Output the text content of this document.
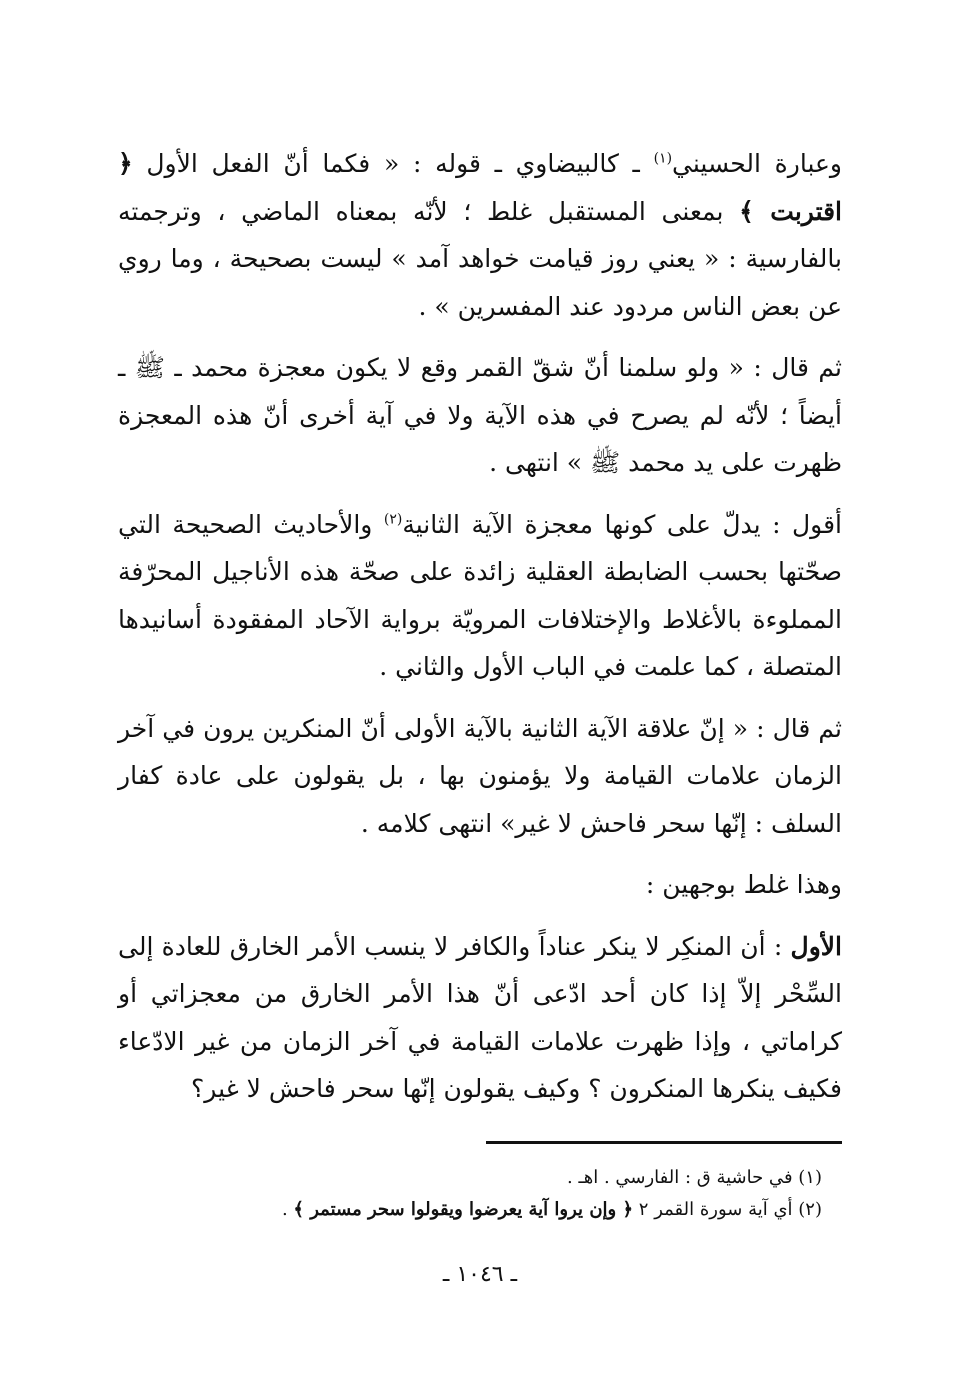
وعبارة الحسيني$^{(١)}$ ـ كالبيضاوي ـ قوله : « فكما أنّ الفعل الأول ﴿ اقتربت ﴾ بمعنى المستقبل غلط ؛ لأنّه بمعناه الماضي ، وترجمته بالفارسية : « يعني روز قيامت خواهد آمد » ليست بصحيحة ، وما روي عن بعض الناس مردود عند المفسرين » .

ثم قال : « ولو سلمنا أنّ شقّ القمر وقع لا يكون معجزة محمد ـ ﷺ ـ أيضاً ؛ لأنّه لم يصرح في هذه الآية ولا في آية أخرى أنّ هذه المعجزة ظهرت على يد محمد ﷺ » انتهى .

أقول : يدلّ على كونها معجزة الآية الثانية$^{(٢)}$ والأحاديث الصحيحة التي صحّتها بحسب الضابطة العقلية زائدة على صحّة هذه الأناجيل المحرّفة المملوءة بالأغلاط والإختلافات المرويّة برواية الآحاد المفقودة أسانيدها المتصلة ، كما علمت في الباب الأول والثاني .

ثم قال : « إنّ علاقة الآية الثانية بالآية الأولى أنّ المنكرين يرون في آخر الزمان علامات القيامة ولا يؤمنون بها ، بل يقولون على عادة كفار السلف : إنّها سحر فاحش لا غير» انتهى كلامه .

وهذا غلط بوجهين :

الأول : أن المنكِر لا ينكر عناداً والكافر لا ينسب الأمر الخارق للعادة إلى السِّحْر إلاّ إذا كان أحد ادّعى أنّ هذا الأمر الخارق من معجزاتي أو كراماتي ، وإذا ظهرت علامات القيامة في آخر الزمان من غير الادّعاء فكيف ينكرها المنكرون ؟ وكيف يقولون إنّها سحر فاحش لا غير؟

(١) في حاشية ق : الفارسي . اهـ .

(٢) أي آية سورة القمر ٢ ﴿ وإن يروا آية يعرضوا ويقولوا سحر مستمر ﴾ .

ـ ١٠٤٦ ـ
